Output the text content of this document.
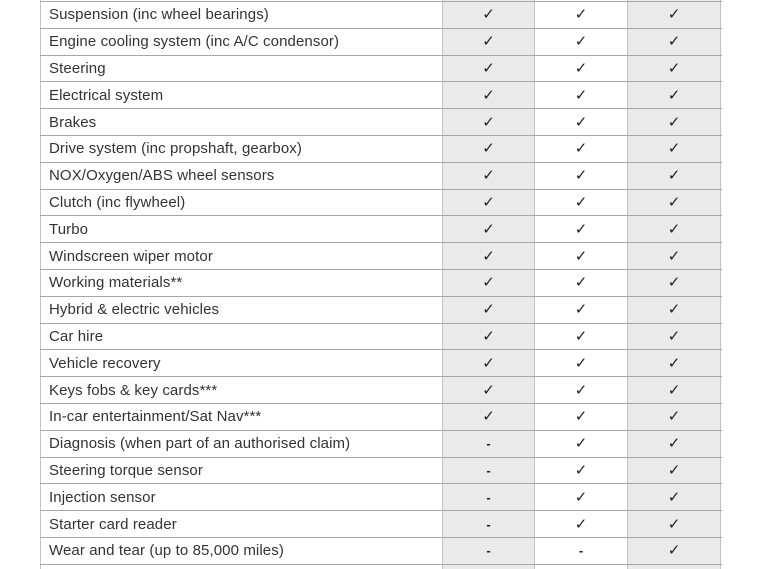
Suspension (inc wheel bearings)	✓	✓	✓
Engine cooling system (inc A/C condensor)	✓	✓	✓
Steering	✓	✓	✓
Electrical system	✓	✓	✓
Brakes	✓	✓	✓
Drive system (inc propshaft, gearbox)	✓	✓	✓
NOX/Oxygen/ABS wheel sensors	✓	✓	✓
Clutch (inc flywheel)	✓	✓	✓
Turbo	✓	✓	✓
Windscreen wiper motor	✓	✓	✓
Working materials**	✓	✓	✓
Hybrid & electric vehicles	✓	✓	✓
Car hire	✓	✓	✓
Vehicle recovery	✓	✓	✓
Keys fobs & key cards***	✓	✓	✓
In-car entertainment/Sat Nav***	✓	✓	✓
Diagnosis (when part of an authorised claim)	-	✓	✓
Steering torque sensor	-	✓	✓
Injection sensor	-	✓	✓
Starter card reader	-	✓	✓
Wear and tear (up to 85,000 miles)	-	-	✓
